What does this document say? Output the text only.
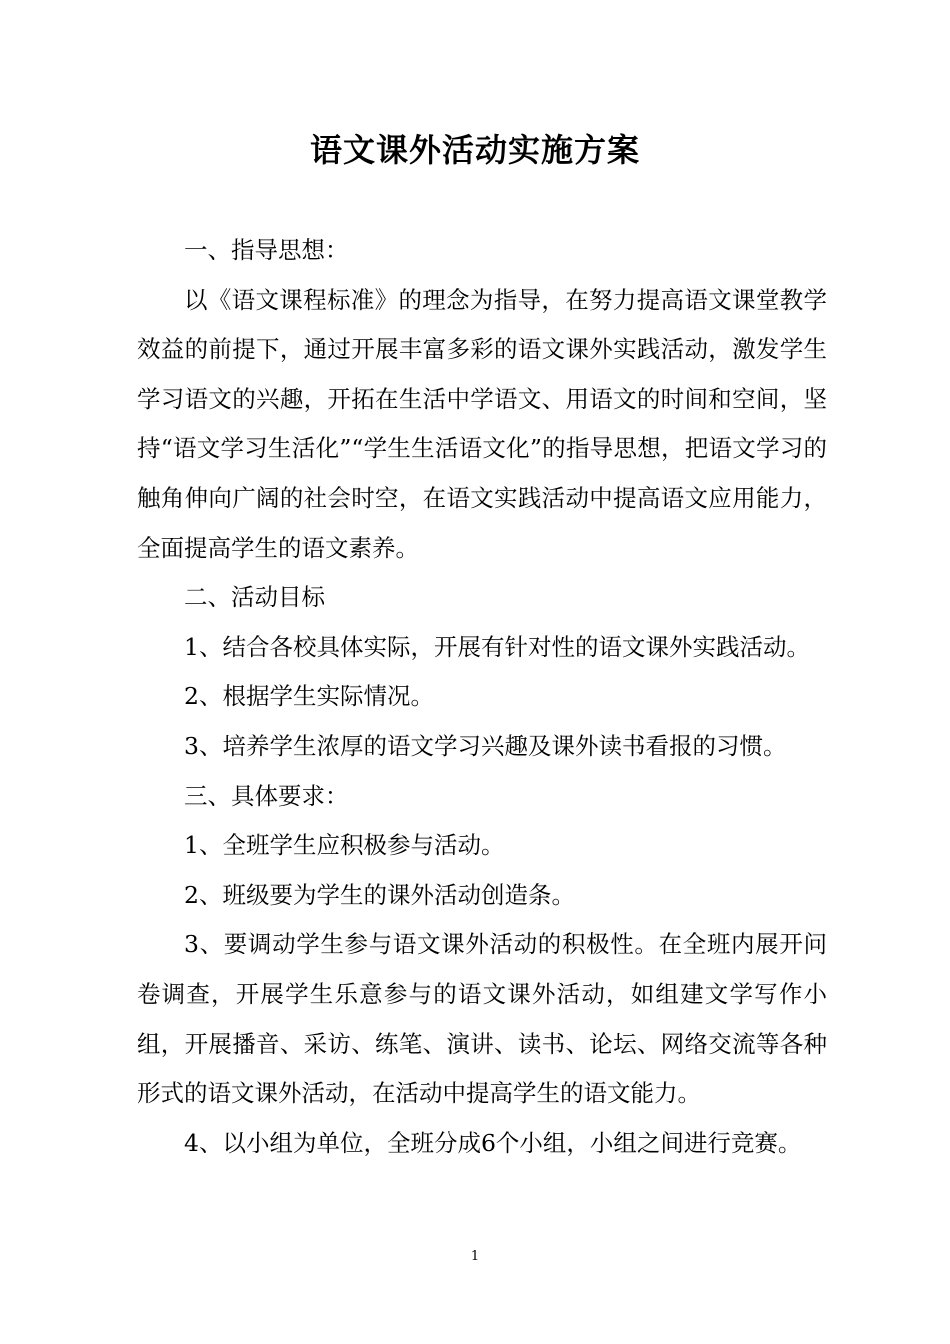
语文课外活动实施方案

一、指导思想：

以《语文课程标准》的理念为指导，在努力提高语文课堂教学效益的前提下，通过开展丰富多彩的语文课外实践活动，激发学生学习语文的兴趣，开拓在生活中学语文、用语文的时间和空间，坚持“语文学习生活化”“学生生活语文化”的指导思想，把语文学习的触角伸向广阔的社会时空，在语文实践活动中提高语文应用能力，全面提高学生的语文素养。

二、活动目标

1、结合各校具体实际，开展有针对性的语文课外实践活动。

2、根据学生实际情况。

3、培养学生浓厚的语文学习兴趣及课外读书看报的习惯。

三、具体要求：

1、全班学生应积极参与活动。

2、班级要为学生的课外活动创造条。

3、要调动学生参与语文课外活动的积极性。在全班内展开问卷调查，开展学生乐意参与的语文课外活动，如组建文学写作小组，开展播音、采访、练笔、演讲、读书、论坛、网络交流等各种形式的语文课外活动，在活动中提高学生的语文能力。

4、以小组为单位，全班分成6个小组，小组之间进行竞赛。

1
